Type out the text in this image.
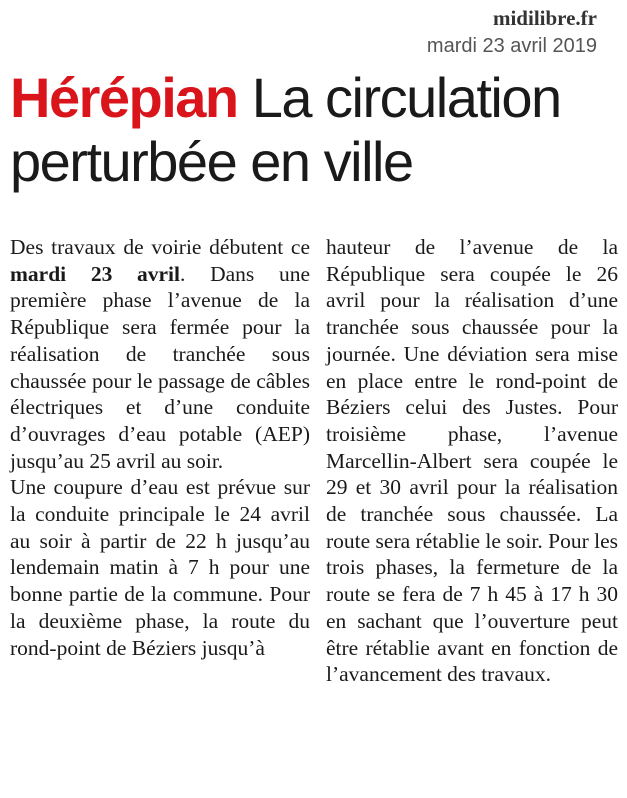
midilibre.fr
mardi 23 avril 2019
Hérépian La circulation perturbée en ville

Des travaux de voirie débutent ce mardi 23 avril. Dans une première phase l’avenue de la République sera fermée pour la réalisation de tranchée sous chaussée pour le passage de câbles électriques et d’une conduite d’ouvrages d’eau potable (AEP) jusqu’au 25 avril au soir.

Une coupure d’eau est prévue sur la conduite principale le 24 avril au soir à partir de 22 h jusqu’au lendemain matin à 7 h pour une bonne partie de la commune. Pour la deuxième phase, la route du rond-point de Béziers jusqu’à

hauteur de l’avenue de la République sera coupée le 26 avril pour la réalisation d’une tranchée sous chaussée pour la journée. Une déviation sera mise en place entre le rond-point de Béziers celui des Justes. Pour troisième phase, l’avenue Marcellin-Albert sera coupée le 29 et 30 avril pour la réalisation de tranchée sous chaussée. La route sera rétablie le soir. Pour les trois phases, la fermeture de la route se fera de 7 h 45 à 17 h 30 en sachant que l’ouverture peut être rétablie avant en fonction de l’avancement des travaux.
